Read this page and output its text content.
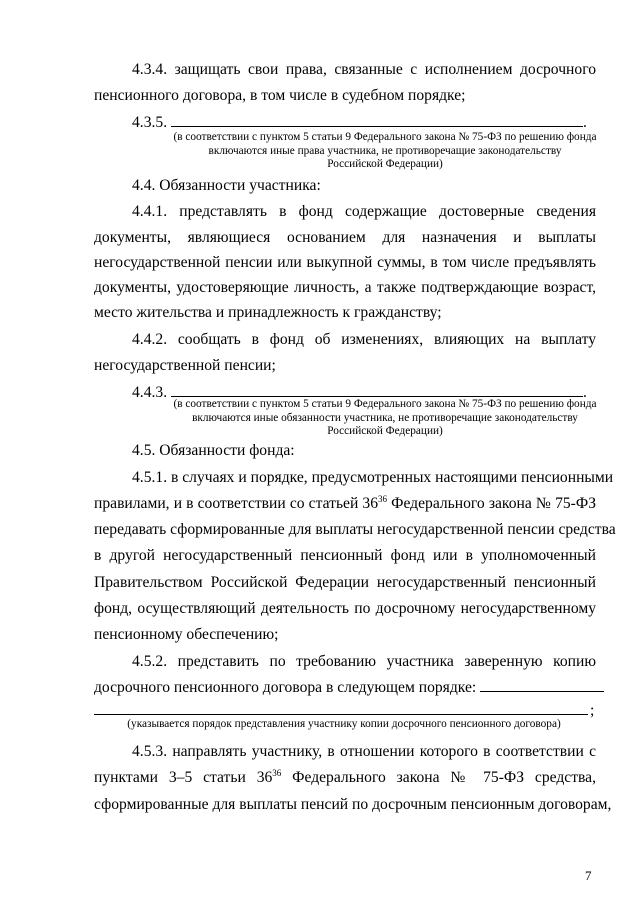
4.3.4. защищать свои права, связанные с исполнением досрочного
пенсионного договора, в том числе в судебном порядке;
4.3.5.	.
(в соответствии с пунктом 5 статьи 9 Федерального закона № 75-ФЗ по решению фонда
включаются иные права участника, не противоречащие законодательству
Российской Федерации)
4.4. Обязанности участника:
4.4.1. представлять в фонд содержащие достоверные сведения
документы, являющиеся основанием для назначения и выплаты
негосударственной пенсии или выкупной суммы, в том числе предъявлять
документы, удостоверяющие личность, а также подтверждающие возраст,
место жительства и принадлежность к гражданству;
4.4.2. сообщать в фонд об изменениях, влияющих на выплату
негосударственной пенсии;
4.4.3.	.
(в соответствии с пунктом 5 статьи 9 Федерального закона № 75-ФЗ по решению фонда
включаются иные обязанности участника, не противоречащие законодательству
Российской Федерации)
4.5. Обязанности фонда:
4.5.1. в случаях и порядке, предусмотренных настоящими пенсионными
правилами, и в соответствии со статьей $36^{36}$ Федерального закона № 75-ФЗ
передавать сформированные для выплаты негосударственной пенсии средства
в другой негосударственный пенсионный фонд или в уполномоченный
Правительством Российской Федерации негосударственный пенсионный
фонд, осуществляющий деятельность по досрочному негосударственному
пенсионному обеспечению;
4.5.2. представить по требованию участника заверенную копию
досрочного пенсионного договора в следующем порядке:
;
(указывается порядок представления участнику копии досрочного пенсионного договора)
4.5.3. направлять участнику, в отношении которого в соответствии с
пунктами 3–5 статьи $36^{36}$ Федерального закона № 75-ФЗ средства,
сформированные для выплаты пенсий по досрочным пенсионным договорам,
7
